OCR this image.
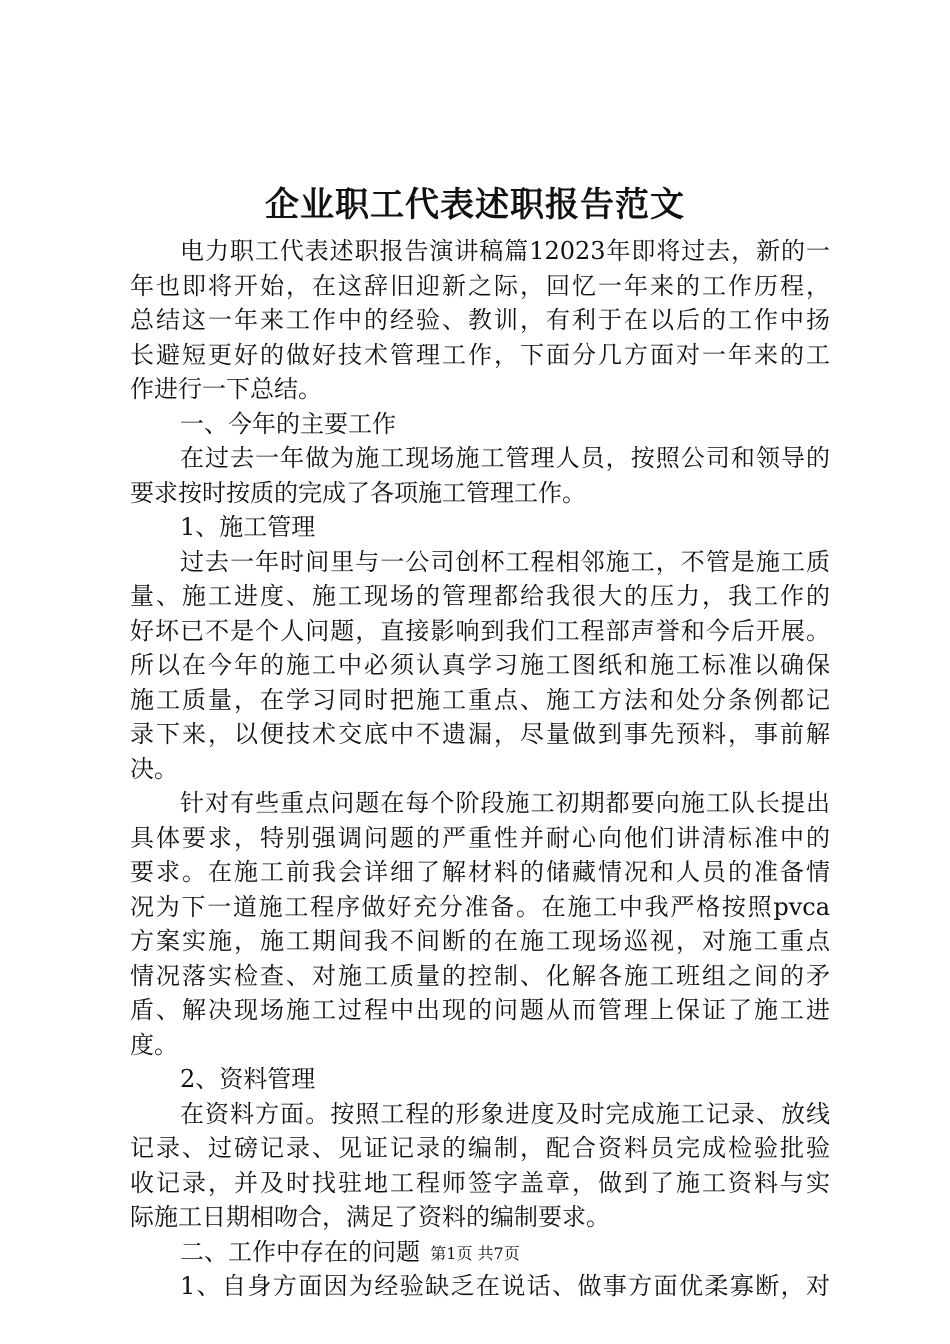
企业职工代表述职报告范文
电力职工代表述职报告演讲稿篇12023年即将过去，新的一
年也即将开始，在这辞旧迎新之际，回忆一年来的工作历程，
总结这一年来工作中的经验、教训，有利于在以后的工作中扬
长避短更好的做好技术管理工作，下面分几方面对一年来的工
作进行一下总结。
一、今年的主要工作
在过去一年做为施工现场施工管理人员，按照公司和领导的
要求按时按质的完成了各项施工管理工作。
1、施工管理
过去一年时间里与一公司创杯工程相邻施工，不管是施工质
量、施工进度、施工现场的管理都给我很大的压力，我工作的
好坏已不是个人问题，直接影响到我们工程部声誉和今后开展。
所以在今年的施工中必须认真学习施工图纸和施工标准以确保
施工质量，在学习同时把施工重点、施工方法和处分条例都记
录下来，以便技术交底中不遗漏，尽量做到事先预料，事前解
决。
针对有些重点问题在每个阶段施工初期都要向施工队长提出
具体要求，特别强调问题的严重性并耐心向他们讲清标准中的
要求。在施工前我会详细了解材料的储藏情况和人员的准备情
况为下一道施工程序做好充分准备。在施工中我严格按照pvca
方案实施，施工期间我不间断的在施工现场巡视，对施工重点
情况落实检查、对施工质量的控制、化解各施工班组之间的矛
盾、解决现场施工过程中出现的问题从而管理上保证了施工进
度。
2、资料管理
在资料方面。按照工程的形象进度及时完成施工记录、放线
记录、过磅记录、见证记录的编制，配合资料员完成检验批验
收记录，并及时找驻地工程师签字盖章，做到了施工资料与实
际施工日期相吻合，满足了资料的编制要求。
二、工作中存在的问题
1、自身方面因为经验缺乏在说话、做事方面优柔寡断，对
第1页 共7页
